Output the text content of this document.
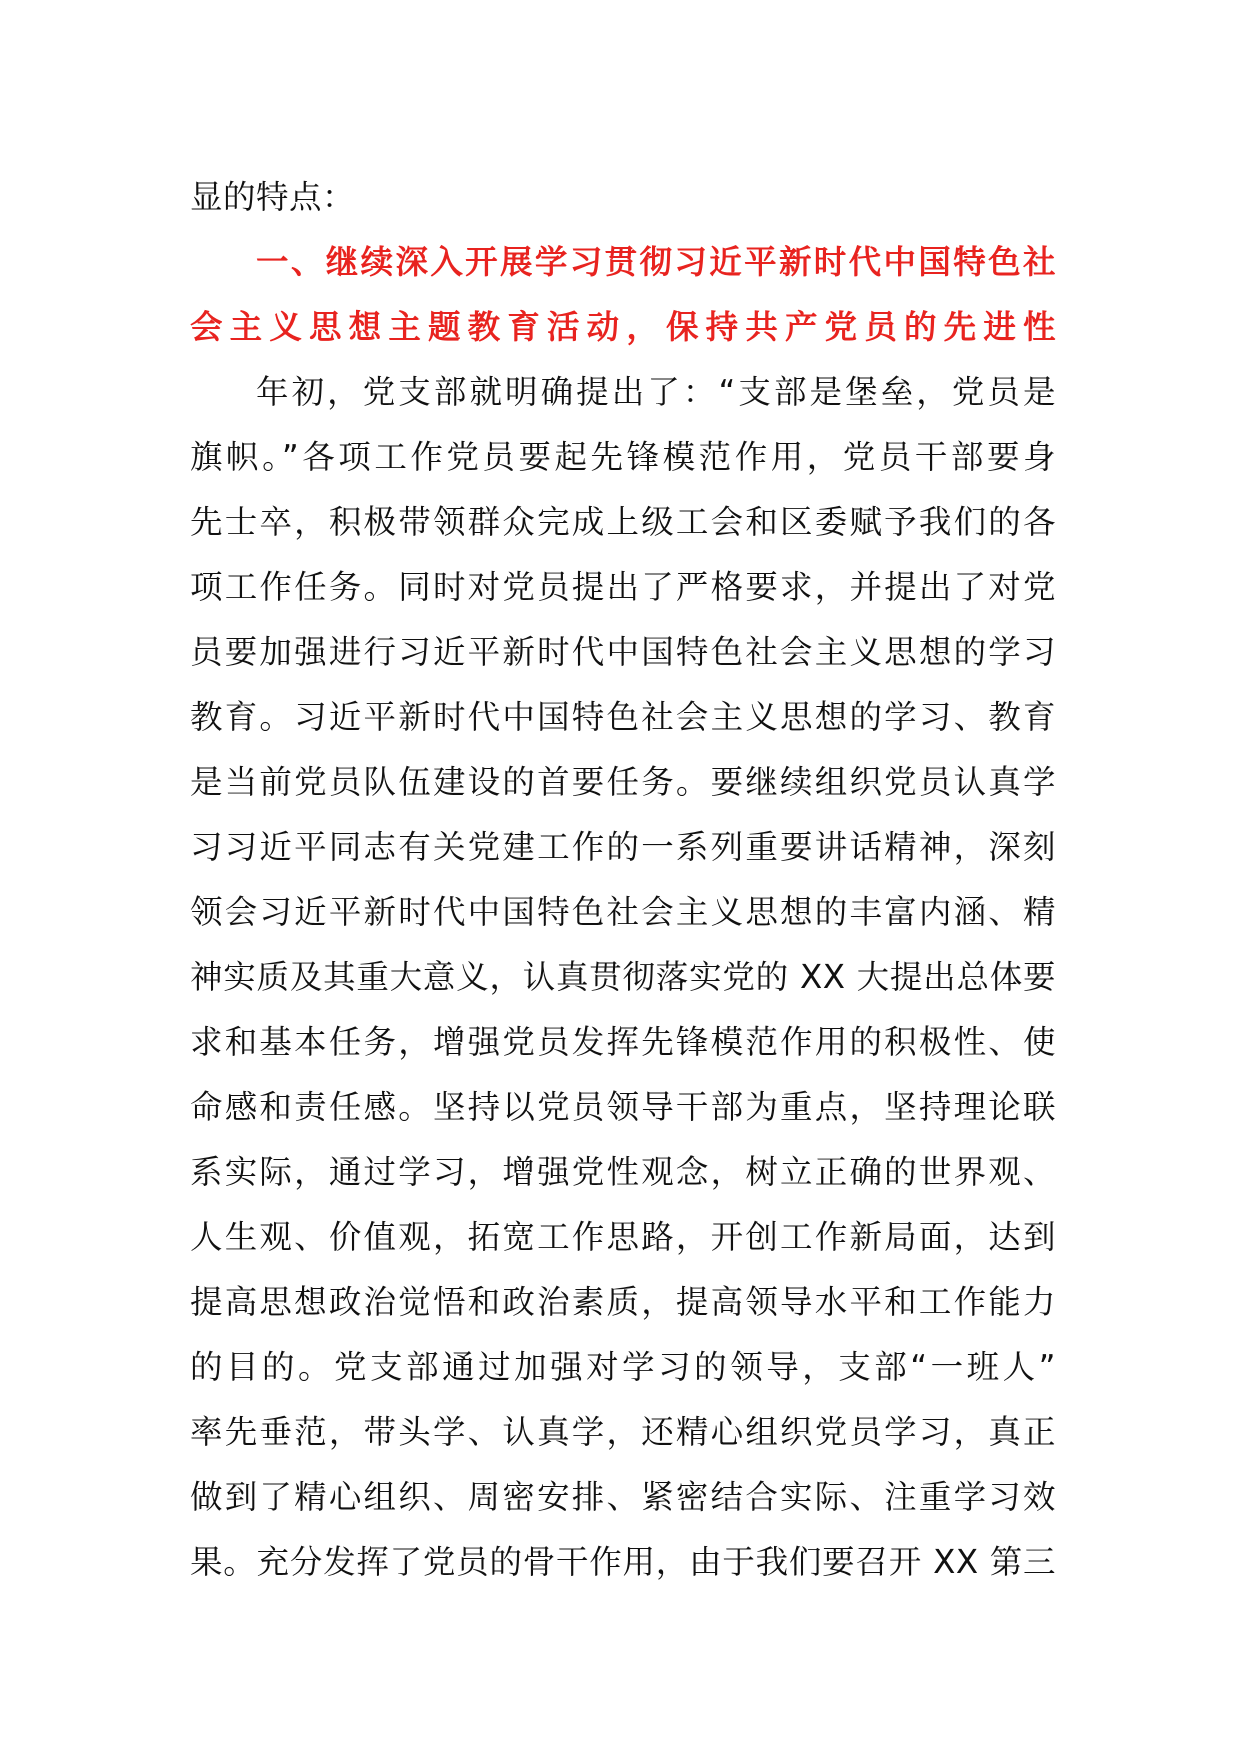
显的特点：
一、继续深入开展学习贯彻习近平新时代中国特色社
会主义思想主题教育活动，保持共产党员的先进性
年初，党支部就明确提出了：“支部是堡垒，党员是
旗帜。”各项工作党员要起先锋模范作用，党员干部要身
先士卒，积极带领群众完成上级工会和区委赋予我们的各
项工作任务。同时对党员提出了严格要求，并提出了对党
员要加强进行习近平新时代中国特色社会主义思想的学习
教育。习近平新时代中国特色社会主义思想的学习、教育
是当前党员队伍建设的首要任务。要继续组织党员认真学
习习近平同志有关党建工作的一系列重要讲话精神，深刻
领会习近平新时代中国特色社会主义思想的丰富内涵、精
神实质及其重大意义，认真贯彻落实党的 XX 大提出总体要
求和基本任务，增强党员发挥先锋模范作用的积极性、使
命感和责任感。坚持以党员领导干部为重点，坚持理论联
系实际，通过学习，增强党性观念，树立正确的世界观、
人生观、价值观，拓宽工作思路，开创工作新局面，达到
提高思想政治觉悟和政治素质，提高领导水平和工作能力
的目的。党支部通过加强对学习的领导，支部“一班人”
率先垂范，带头学、认真学，还精心组织党员学习，真正
做到了精心组织、周密安排、紧密结合实际、注重学习效
果。充分发挥了党员的骨干作用，由于我们要召开 XX 第三
